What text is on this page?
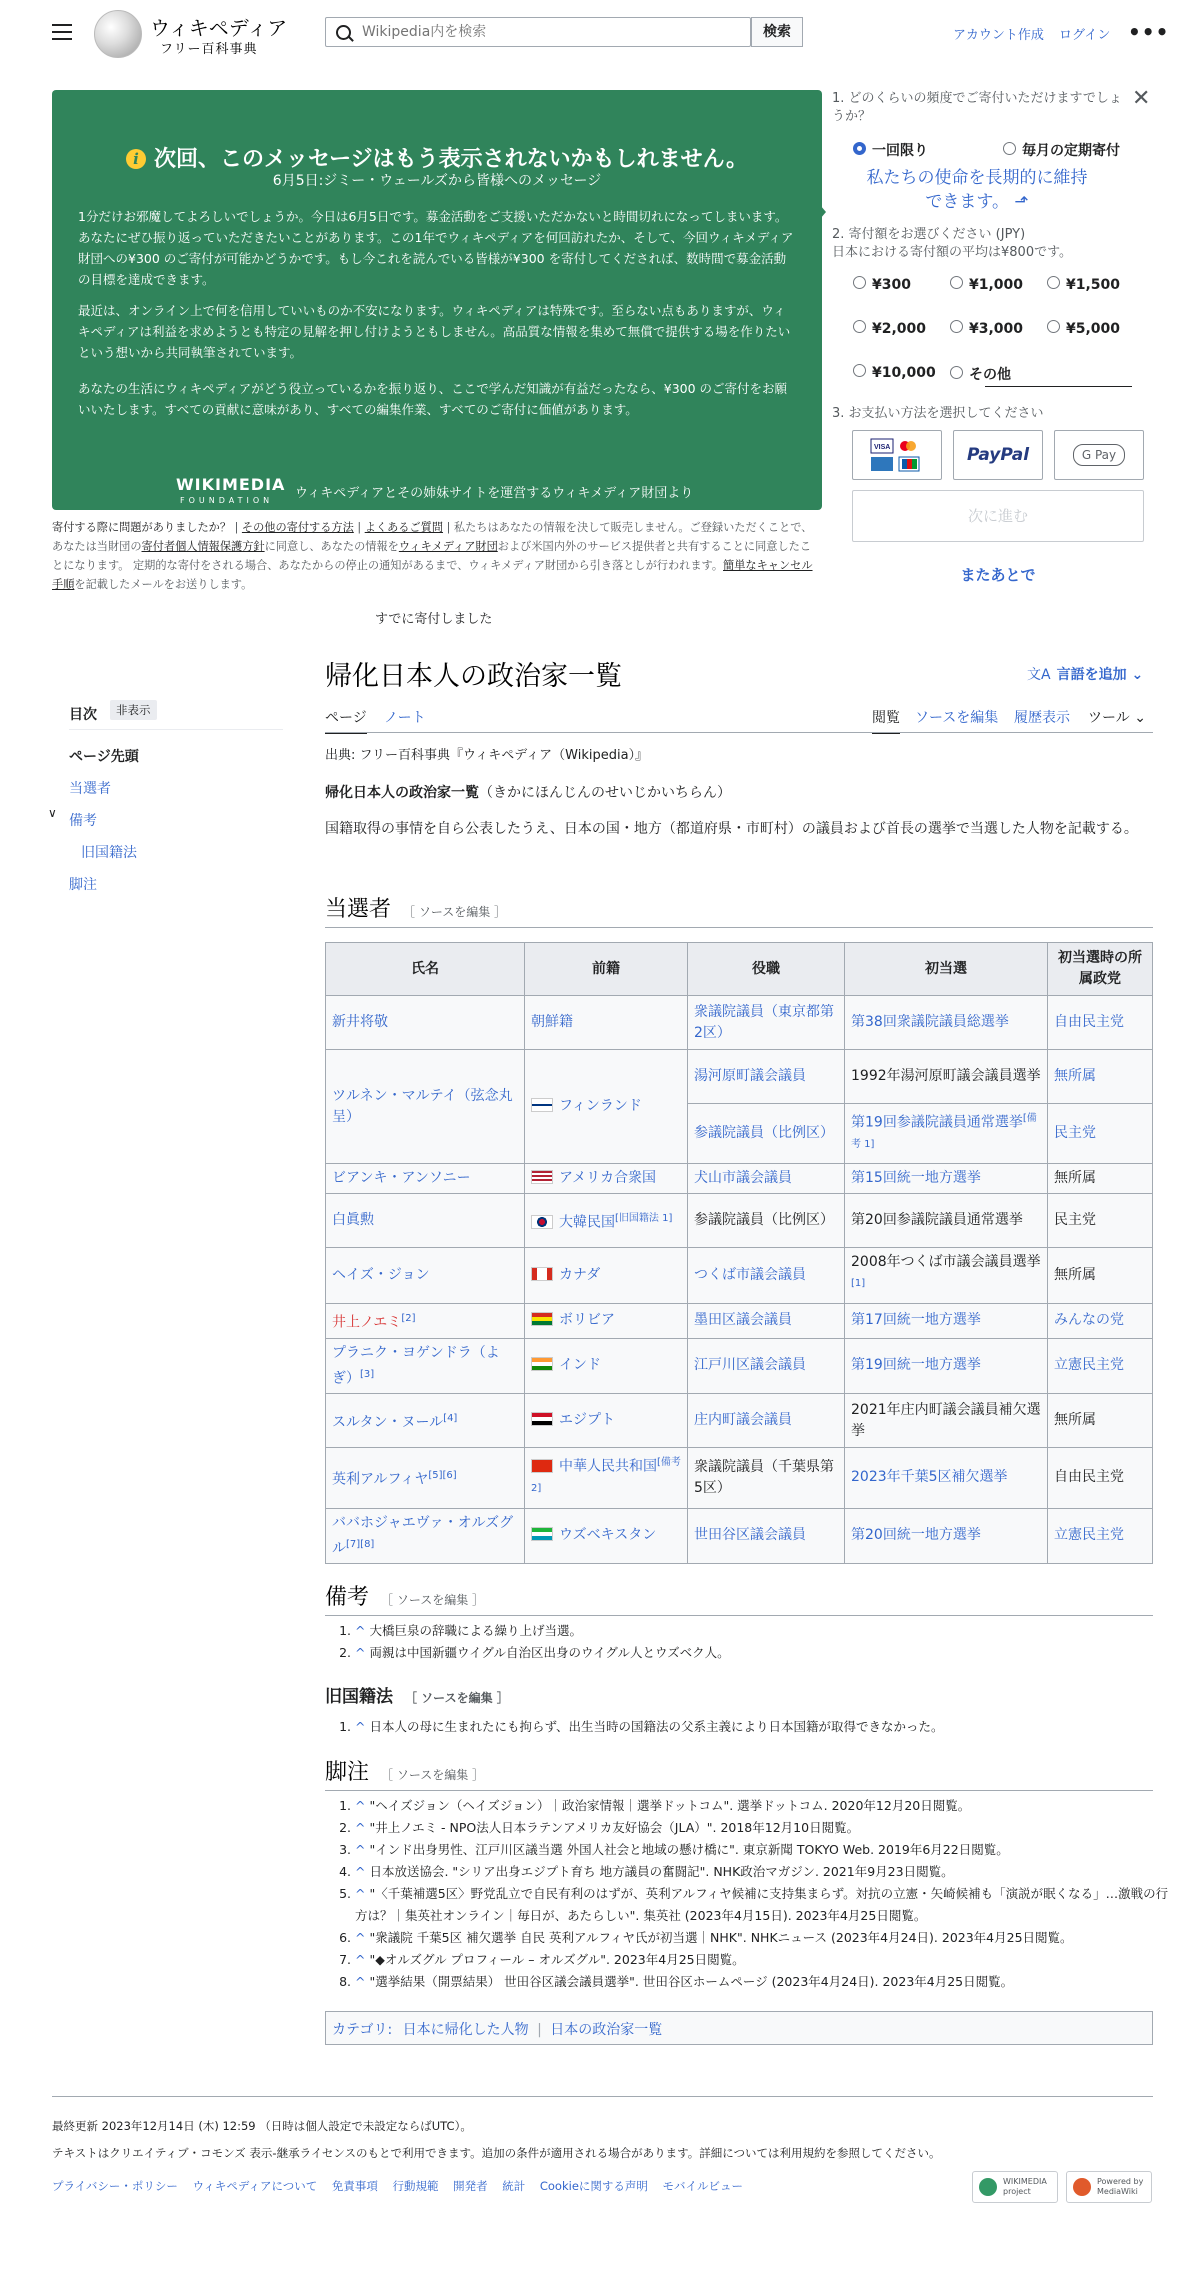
ウィキペディア
フリー百科事典
Wikipedia内を検索
検索	アカウント作成 ログイン •••
i 次回、このメッセージはもう表示されないかもしれません。
6月5日:ジミー・ウェールズから皆様へのメッセージ

1分だけお邪魔してよろしいでしょうか。今日は6月5日です。募金活動をご支援いただかないと時間切れになってしまいます。あなたにぜひ振り返っていただきたいことがあります。この1年でウィキペディアを何回訪れたか、そして、今回ウィキメディア財団への¥300 のご寄付が可能かどうかです。もし今これを読んでいる皆様が¥300 を寄付してくだされば、数時間で募金活動の目標を達成できます。

最近は、オンライン上で何を信用していいものか不安になります。ウィキペディアは特殊です。至らない点もありますが、ウィキペディアは利益を求めようとも特定の見解を押し付けようともしません。高品質な情報を集めて無償で提供する場を作りたいという想いから共同執筆されています。

あなたの生活にウィキペディアがどう役立っているかを振り返り、ここで学んだ知識が有益だったなら、¥300 のご寄付をお願いいたします。すべての貢献に意味があり、すべての編集作業、すべてのご寄付に価値があります。

WIKIMEDIA
FOUNDATION	ウィキペディアとその姉妹サイトを運営するウィキメディア財団より
寄付する際に問題がありましたか？ | その他の寄付する方法 | よくあるご質問 | 私たちはあなたの情報を決して販売しません。ご登録いただくことで、あなたは当財団の寄付者個人情報保護方針に同意し、あなたの情報をウィキメディア財団および米国内外のサービス提供者と共有することに同意したことになります。 定期的な寄付をされる場合、あなたからの停止の通知があるまで、ウィキメディア財団から引き落としが行われます。簡単なキャンセル手順を記載したメールをお送りします。
すでに寄付しました
1. どのくらいの頻度でご寄付いただけますでしょうか？
✕
一回限り	毎月の定期寄付
私たちの使命を長期的に維持できます。 ⬏
2. 寄付額をお選びください (JPY)
日本における寄付額の平均は¥800です。
¥300	¥1,000	¥1,500
¥2,000	¥3,000	¥5,000
¥10,000	その他
3. お支払い方法を選択してください
VISA	PayPal	G Pay
次に進む
またあとで
目次	非表示
ページ先頭
当選者
∨ 備考
旧国籍法
脚注
帰化日本人の政治家一覧	文A 言語を追加 ⌄
ページ ノート	閲覧 ソースを編集 履歴表示 ツール ⌄
出典: フリー百科事典『ウィキペディア（Wikipedia）』
帰化日本人の政治家一覧（きかにほんじんのせいじかいちらん）
国籍取得の事情を自ら公表したうえ、日本の国・地方（都道府県・市町村）の議員および首長の選挙で当選した人物を記載する。
当選者 ［ ソースを編集 ］
氏名	前籍	役職	初当選	初当選時の所属政党
新井将敬	朝鮮籍	衆議院議員（東京都第2区）	第38回衆議院議員総選挙	自由民主党
ツルネン・マルテイ（弦念丸呈）	フィンランド	湯河原町議会議員	1992年湯河原町議会議員選挙	無所属
		参議院議員（比例区）	第19回参議院議員通常選挙[備考 1]	民主党
ビアンキ・アンソニー	アメリカ合衆国	犬山市議会議員	第15回統一地方選挙	無所属
白眞勲	大韓民国[旧国籍法 1]	参議院議員（比例区）	第20回参議院議員通常選挙	民主党
ヘイズ・ジョン	カナダ	つくば市議会議員	2008年つくば市議会議員選挙[1]	無所属
井上ノエミ[2]	ボリビア	墨田区議会議員	第17回統一地方選挙	みんなの党
プラニク・ヨゲンドラ（よぎ）[3]	インド	江戸川区議会議員	第19回統一地方選挙	立憲民主党
スルタン・ヌール[4]	エジプト	庄内町議会議員	2021年庄内町議会議員補欠選挙	無所属
英利アルフィヤ[5][6]	中華人民共和国[備考 2]	衆議院議員（千葉県第5区）	2023年千葉5区補欠選挙	自由民主党
ババホジャエヴァ・オルズグル[7][8]	ウズベキスタン	世田谷区議会議員	第20回統一地方選挙	立憲民主党
備考 ［ ソースを編集 ］
1. ^ 大橋巨泉の辞職による繰り上げ当選。
2. ^ 両親は中国新疆ウイグル自治区出身のウイグル人とウズベク人。
旧国籍法 ［ ソースを編集 ］
1. ^ 日本人の母に生まれたにも拘らず、出生当時の国籍法の父系主義により日本国籍が取得できなかった。
脚注 ［ ソースを編集 ］
1. ^ "ヘイズジョン（ヘイズジョン）｜政治家情報｜選挙ドットコム". 選挙ドットコム. 2020年12月20日閲覧。
2. ^ "井上ノエミ - NPO法人日本ラテンアメリカ友好協会（JLA）". 2018年12月10日閲覧。
3. ^ "インド出身男性、江戸川区議当選 外国人社会と地域の懸け橋に". 東京新聞 TOKYO Web. 2019年6月22日閲覧。
4. ^ 日本放送協会. "シリア出身エジプト育ち 地方議員の奮闘記". NHK政治マガジン. 2021年9月23日閲覧。
5. ^ "〈千葉補選5区〉野党乱立で自民有利のはずが、英利アルフィヤ候補に支持集まらず。対抗の立憲・矢崎候補も「演説が眠くなる」…激戦の行方は？｜集英社オンライン｜毎日が、あたらしい". 集英社 (2023年4月15日). 2023年4月25日閲覧。
6. ^ "衆議院 千葉5区 補欠選挙 自民 英利アルフィヤ氏が初当選｜NHK". NHKニュース (2023年4月24日). 2023年4月25日閲覧。
7. ^ "◆オルズグル プロフィール – オルズグル". 2023年4月25日閲覧。
8. ^ "選挙結果（開票結果） 世田谷区議会議員選挙". 世田谷区ホームページ (2023年4月24日). 2023年4月25日閲覧。
カテゴリ: 日本に帰化した人物 | 日本の政治家一覧
最終更新 2023年12月14日 (木) 12:59 （日時は個人設定で未設定ならばUTC）。
テキストはクリエイティブ・コモンズ 表示-継承ライセンスのもとで利用できます。追加の条件が適用される場合があります。詳細については利用規約を参照してください。
プライバシー・ポリシー ウィキペディアについて 免責事項 行動規範 開発者 統計 Cookieに関する声明 モバイルビュー	WIKIMEDIA project
Powered by MediaWiki
